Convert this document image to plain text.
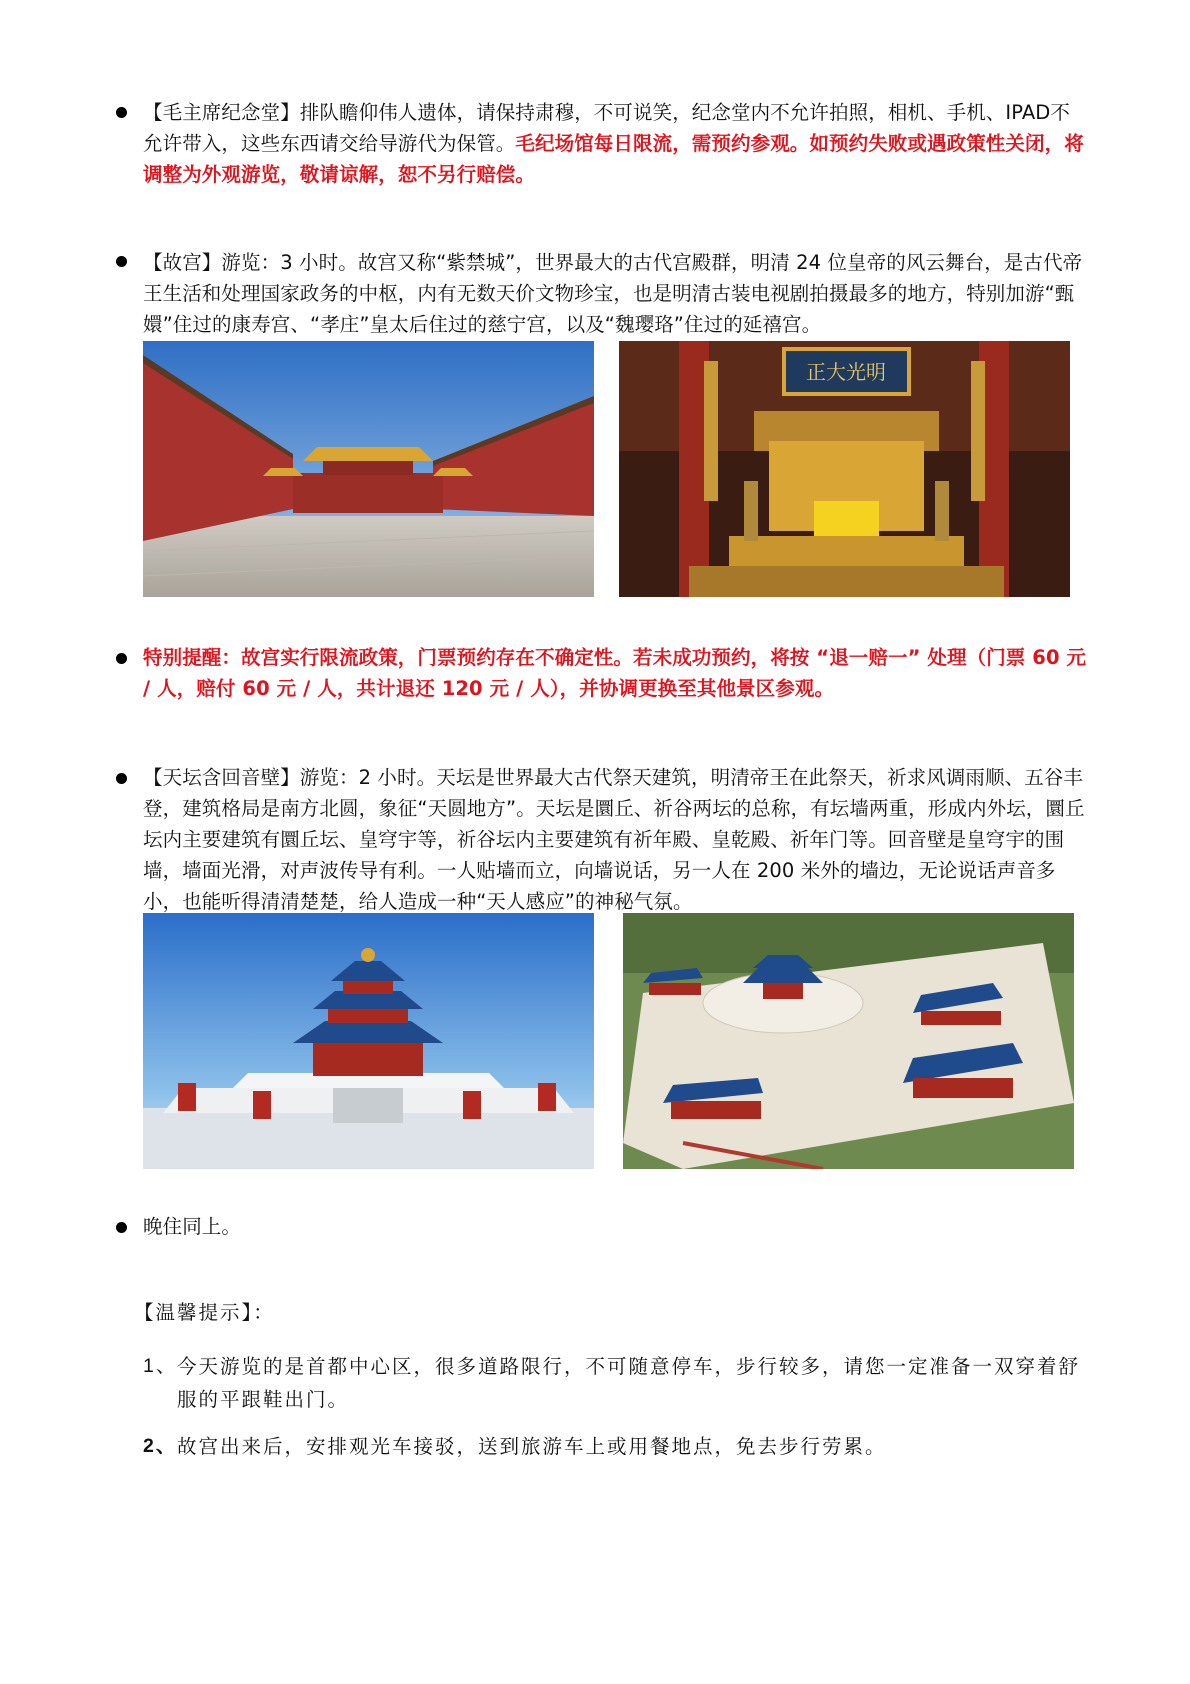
【毛主席纪念堂】排队瞻仰伟人遗体，请保持肃穆，不可说笑，纪念堂内不允许拍照，相机、手机、IPAD不允许带入，这些东西请交给导游代为保管。毛纪场馆每日限流，需预约参观。如预约失败或遇政策性关闭，将调整为外观游览，敬请谅解，恕不另行赔偿。

【故宫】游览：3 小时。故宫又称“紫禁城”，世界最大的古代宫殿群，明清 24 位皇帝的风云舞台，是古代帝王生活和处理国家政务的中枢，内有无数天价文物珍宝，也是明清古装电视剧拍摄最多的地方，特别加游“甄嬛”住过的康寿宫、“孝庄”皇太后住过的慈宁宫，以及“魏璎珞”住过的延禧宫。

正大光明

特别提醒：故宫实行限流政策，门票预约存在不确定性。若未成功预约，将按 “退一赔一” 处理（门票 60 元 / 人，赔付 60 元 / 人，共计退还 120 元 / 人），并协调更换至其他景区参观。

【天坛含回音壁】游览：2 小时。天坛是世界最大古代祭天建筑，明清帝王在此祭天，祈求风调雨顺、五谷丰登，建筑格局是南方北圆，象征“天圆地方”。天坛是圜丘、祈谷两坛的总称，有坛墙两重，形成内外坛，圜丘坛内主要建筑有圜丘坛、皇穹宇等，祈谷坛内主要建筑有祈年殿、皇乾殿、祈年门等。回音壁是皇穹宇的围墙，墙面光滑，对声波传导有利。一人贴墙而立，向墙说话，另一人在 200 米外的墙边，无论说话声音多小，也能听得清清楚楚，给人造成一种“天人感应”的神秘气氛。

晚住同上。

【温馨提示】：
1、 今天游览的是首都中心区，很多道路限行，不可随意停车，步行较多，请您一定准备一双穿着舒服的平跟鞋出门。
2、 故宫出来后，安排观光车接驳，送到旅游车上或用餐地点，免去步行劳累。
